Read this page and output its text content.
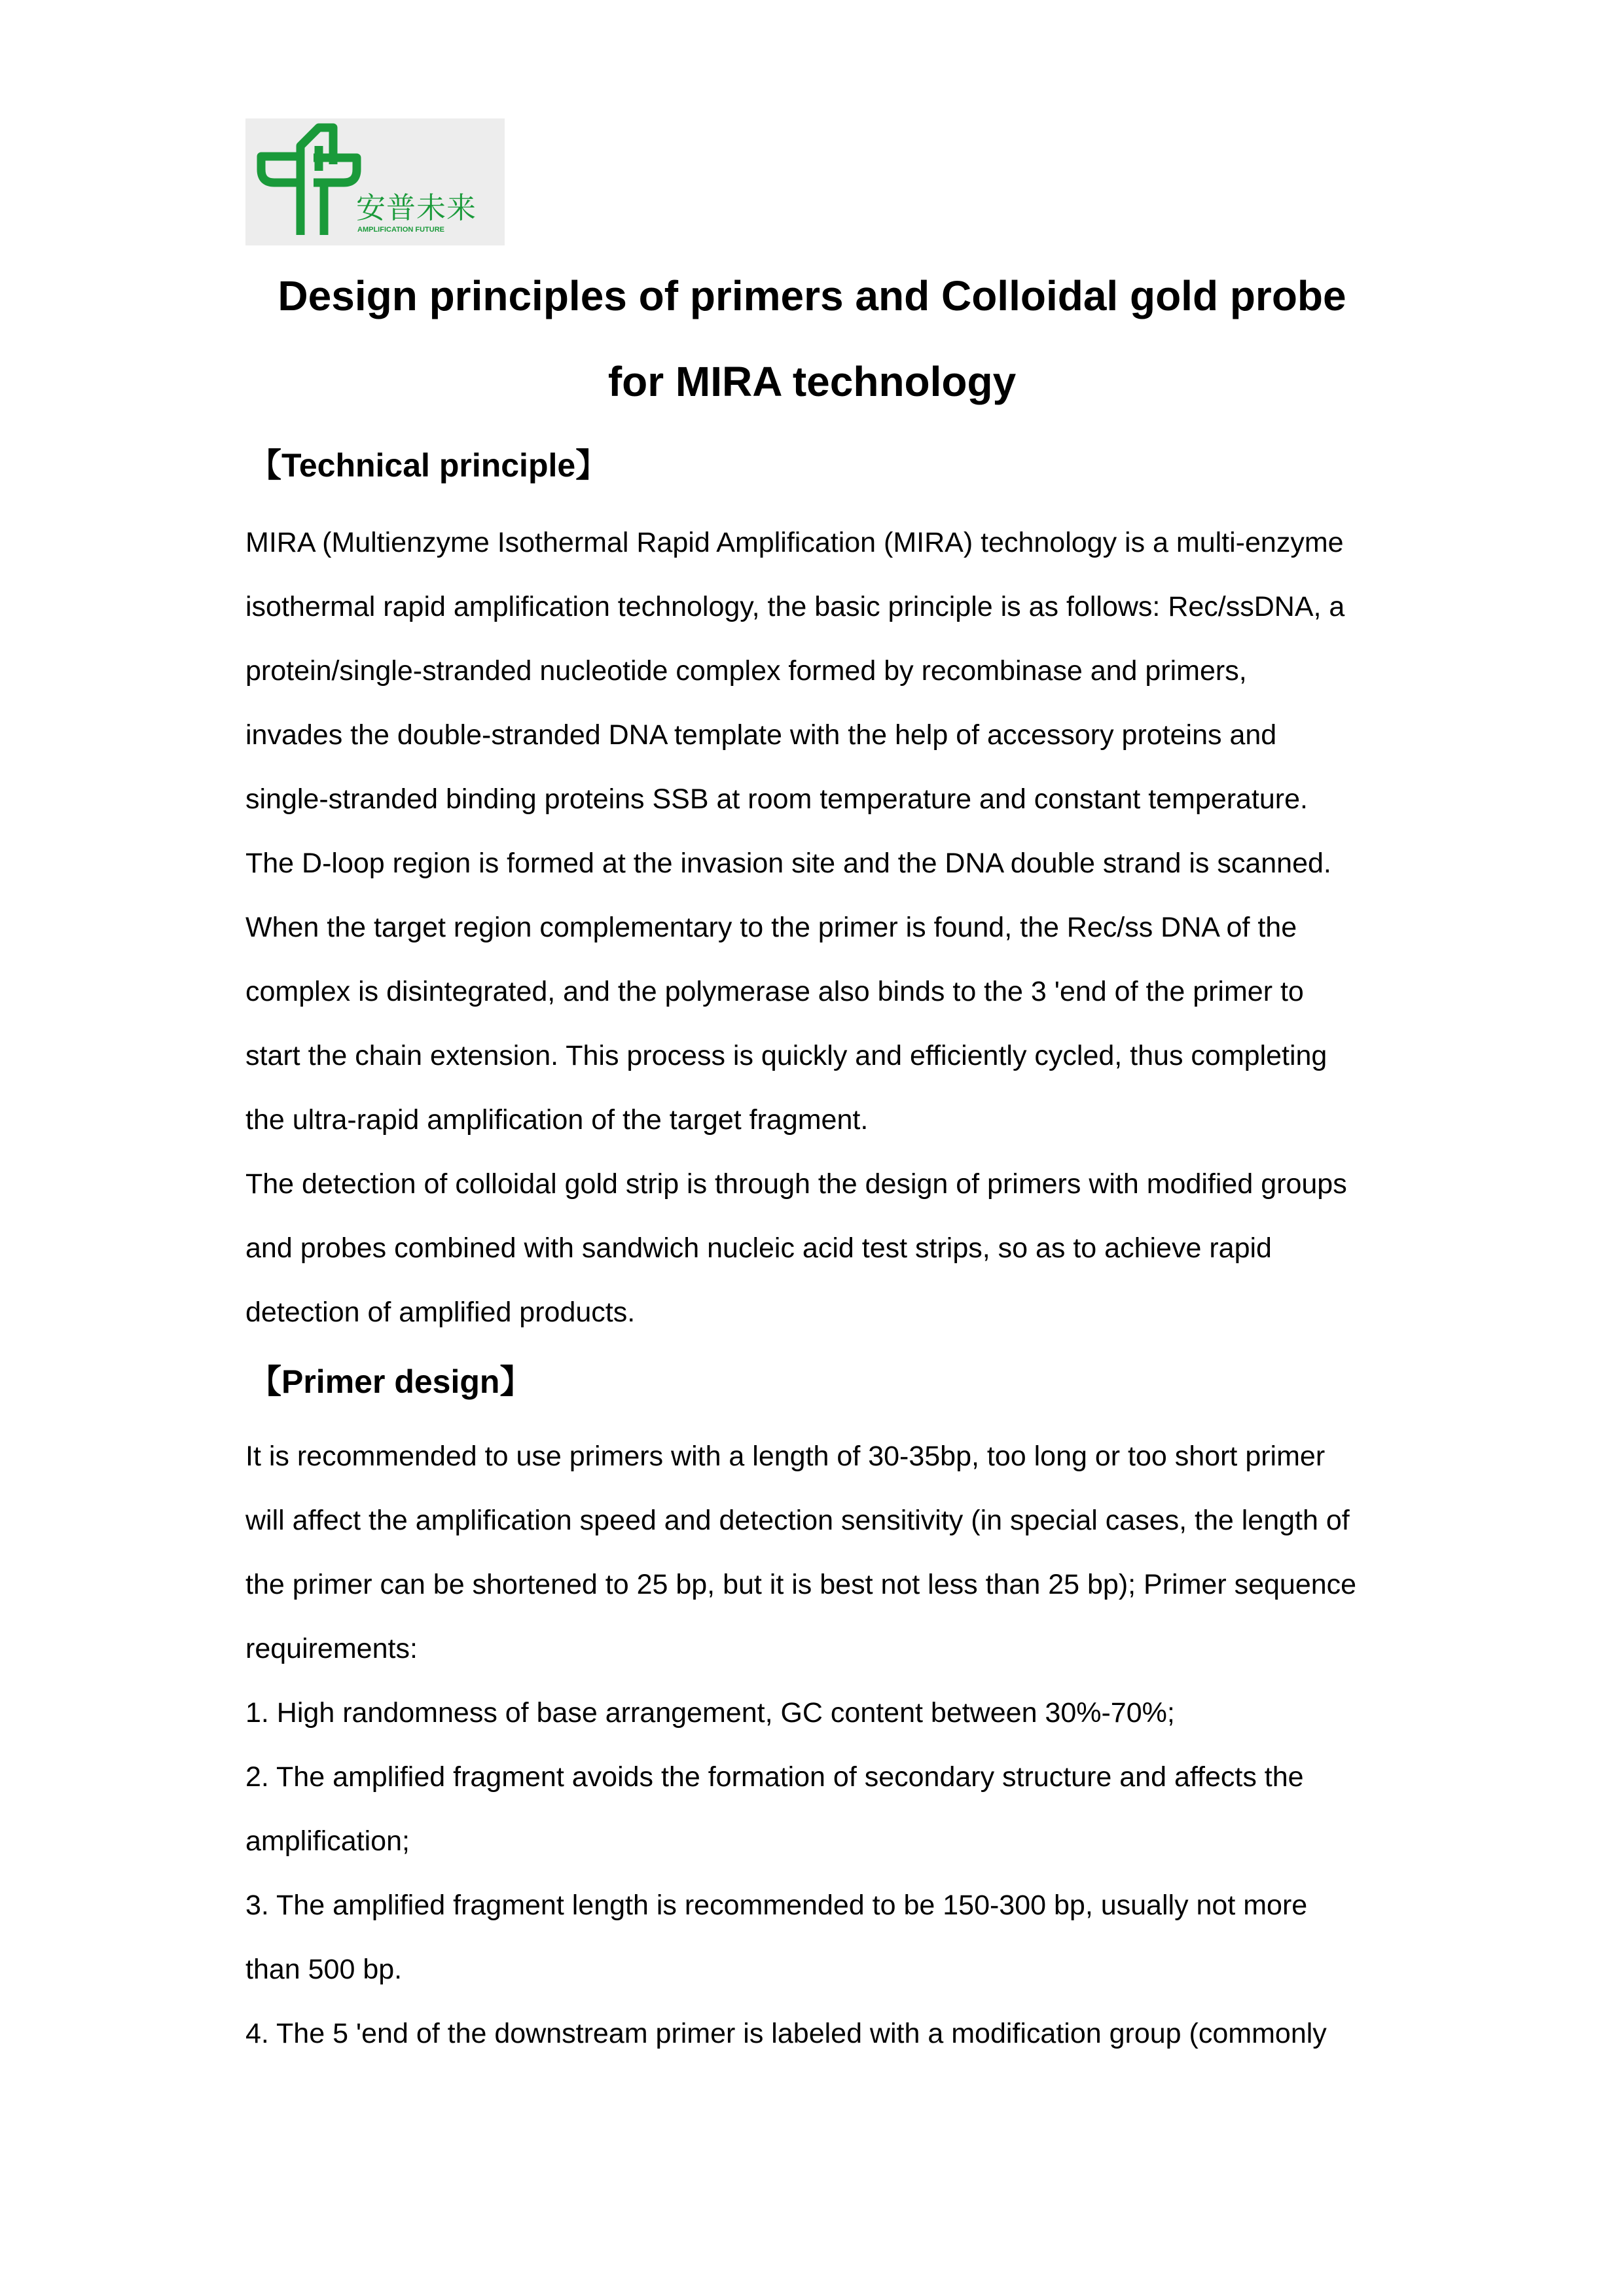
安普未来
AMPLIFICATION FUTURE
Design principles of primers and Colloidal gold probe
for MIRA technology
【Technical principle】
MIRA (Multienzyme Isothermal Rapid Amplification (MIRA) technology is a multi-enzyme
isothermal rapid amplification technology, the basic principle is as follows: Rec/ssDNA, a
protein/single-stranded nucleotide complex formed by recombinase and primers,
invades the double-stranded DNA template with the help of accessory proteins and
single-stranded binding proteins SSB at room temperature and constant temperature.
The D-loop region is formed at the invasion site and the DNA double strand is scanned.
When the target region complementary to the primer is found, the Rec/ss DNA of the
complex is disintegrated, and the polymerase also binds to the 3 'end of the primer to
start the chain extension. This process is quickly and efficiently cycled, thus completing
the ultra-rapid amplification of the target fragment.
The detection of colloidal gold strip is through the design of primers with modified groups
and probes combined with sandwich nucleic acid test strips, so as to achieve rapid
detection of amplified products.
【Primer design】
It is recommended to use primers with a length of 30-35bp, too long or too short primer
will affect the amplification speed and detection sensitivity (in special cases, the length of
the primer can be shortened to 25 bp, but it is best not less than 25 bp); Primer sequence
requirements:
1. High randomness of base arrangement, GC content between 30%-70%;
2. The amplified fragment avoids the formation of secondary structure and affects the
amplification;
3. The amplified fragment length is recommended to be 150-300 bp, usually not more
than 500 bp.
4. The 5 'end of the downstream primer is labeled with a modification group (commonly
